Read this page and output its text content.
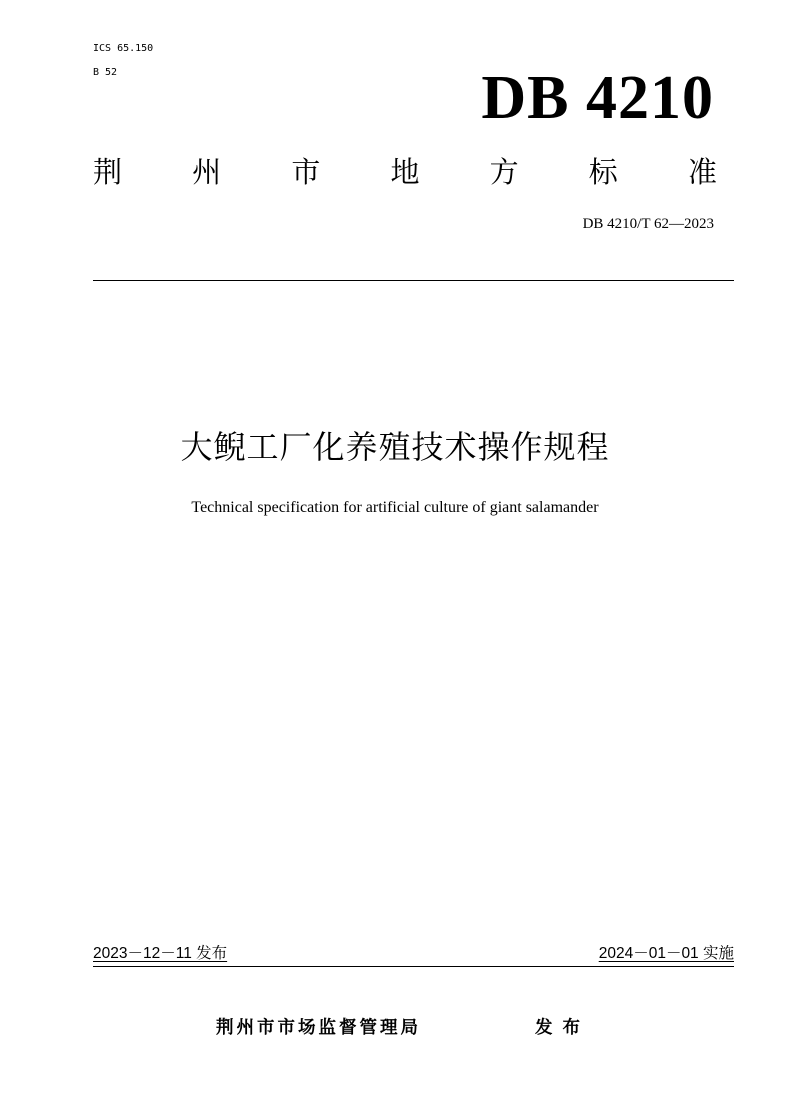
ICS 65.150
B 52	DB 4210
荆 州 市 地 方 标 准
DB 4210/T 62—2023
大鲵工厂化养殖技术操作规程
Technical specification for artificial culture of giant salamander
2023－12－11 发布	2024－01－01 实施
荆州市市场监督管理局	发布
